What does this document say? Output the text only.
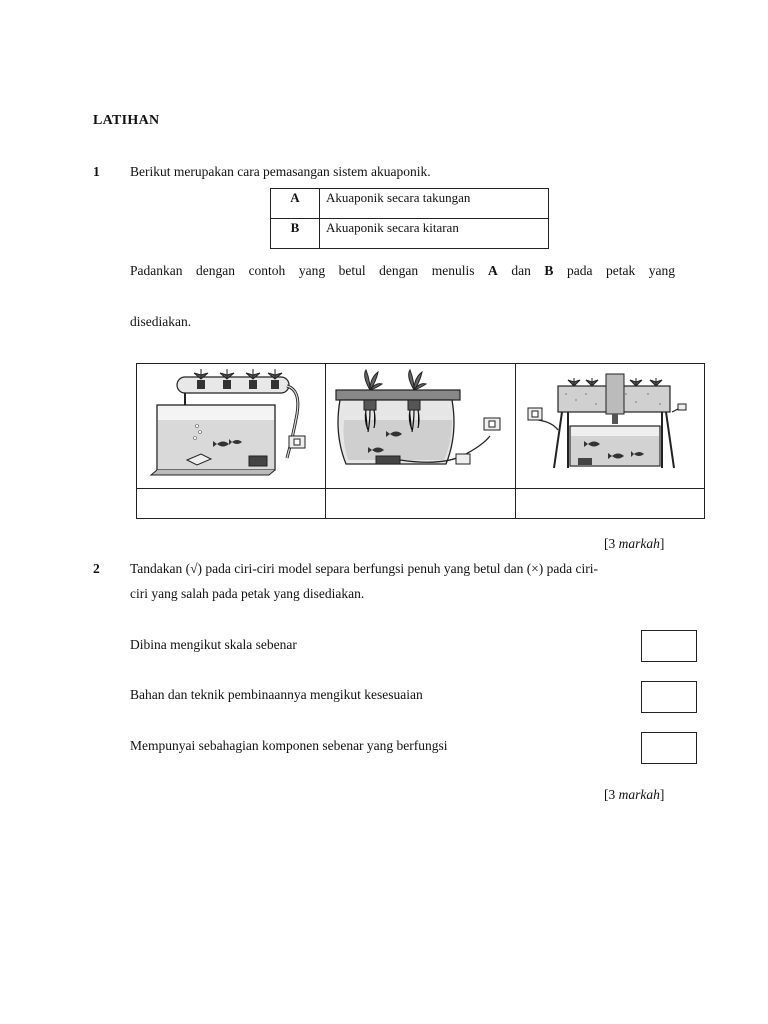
LATIHAN
1 Berikut merupakan cara pemasangan sistem akuaponik.
A	Akuaponik secara takungan
B	Akuaponik secara kitaran
Padankan dengan contoh yang betul dengan menulis A dan B pada petak yang
disediakan.

[3 markah]
2 Tandakan (√) pada ciri-ciri model separa berfungsi penuh yang betul dan (×) pada ciri-
ciri yang salah pada petak yang disediakan.
Dibina mengikut skala sebenar
Bahan dan teknik pembinaannya mengikut kesesuaian
Mempunyai sebahagian komponen sebenar yang berfungsi
[3 markah]
